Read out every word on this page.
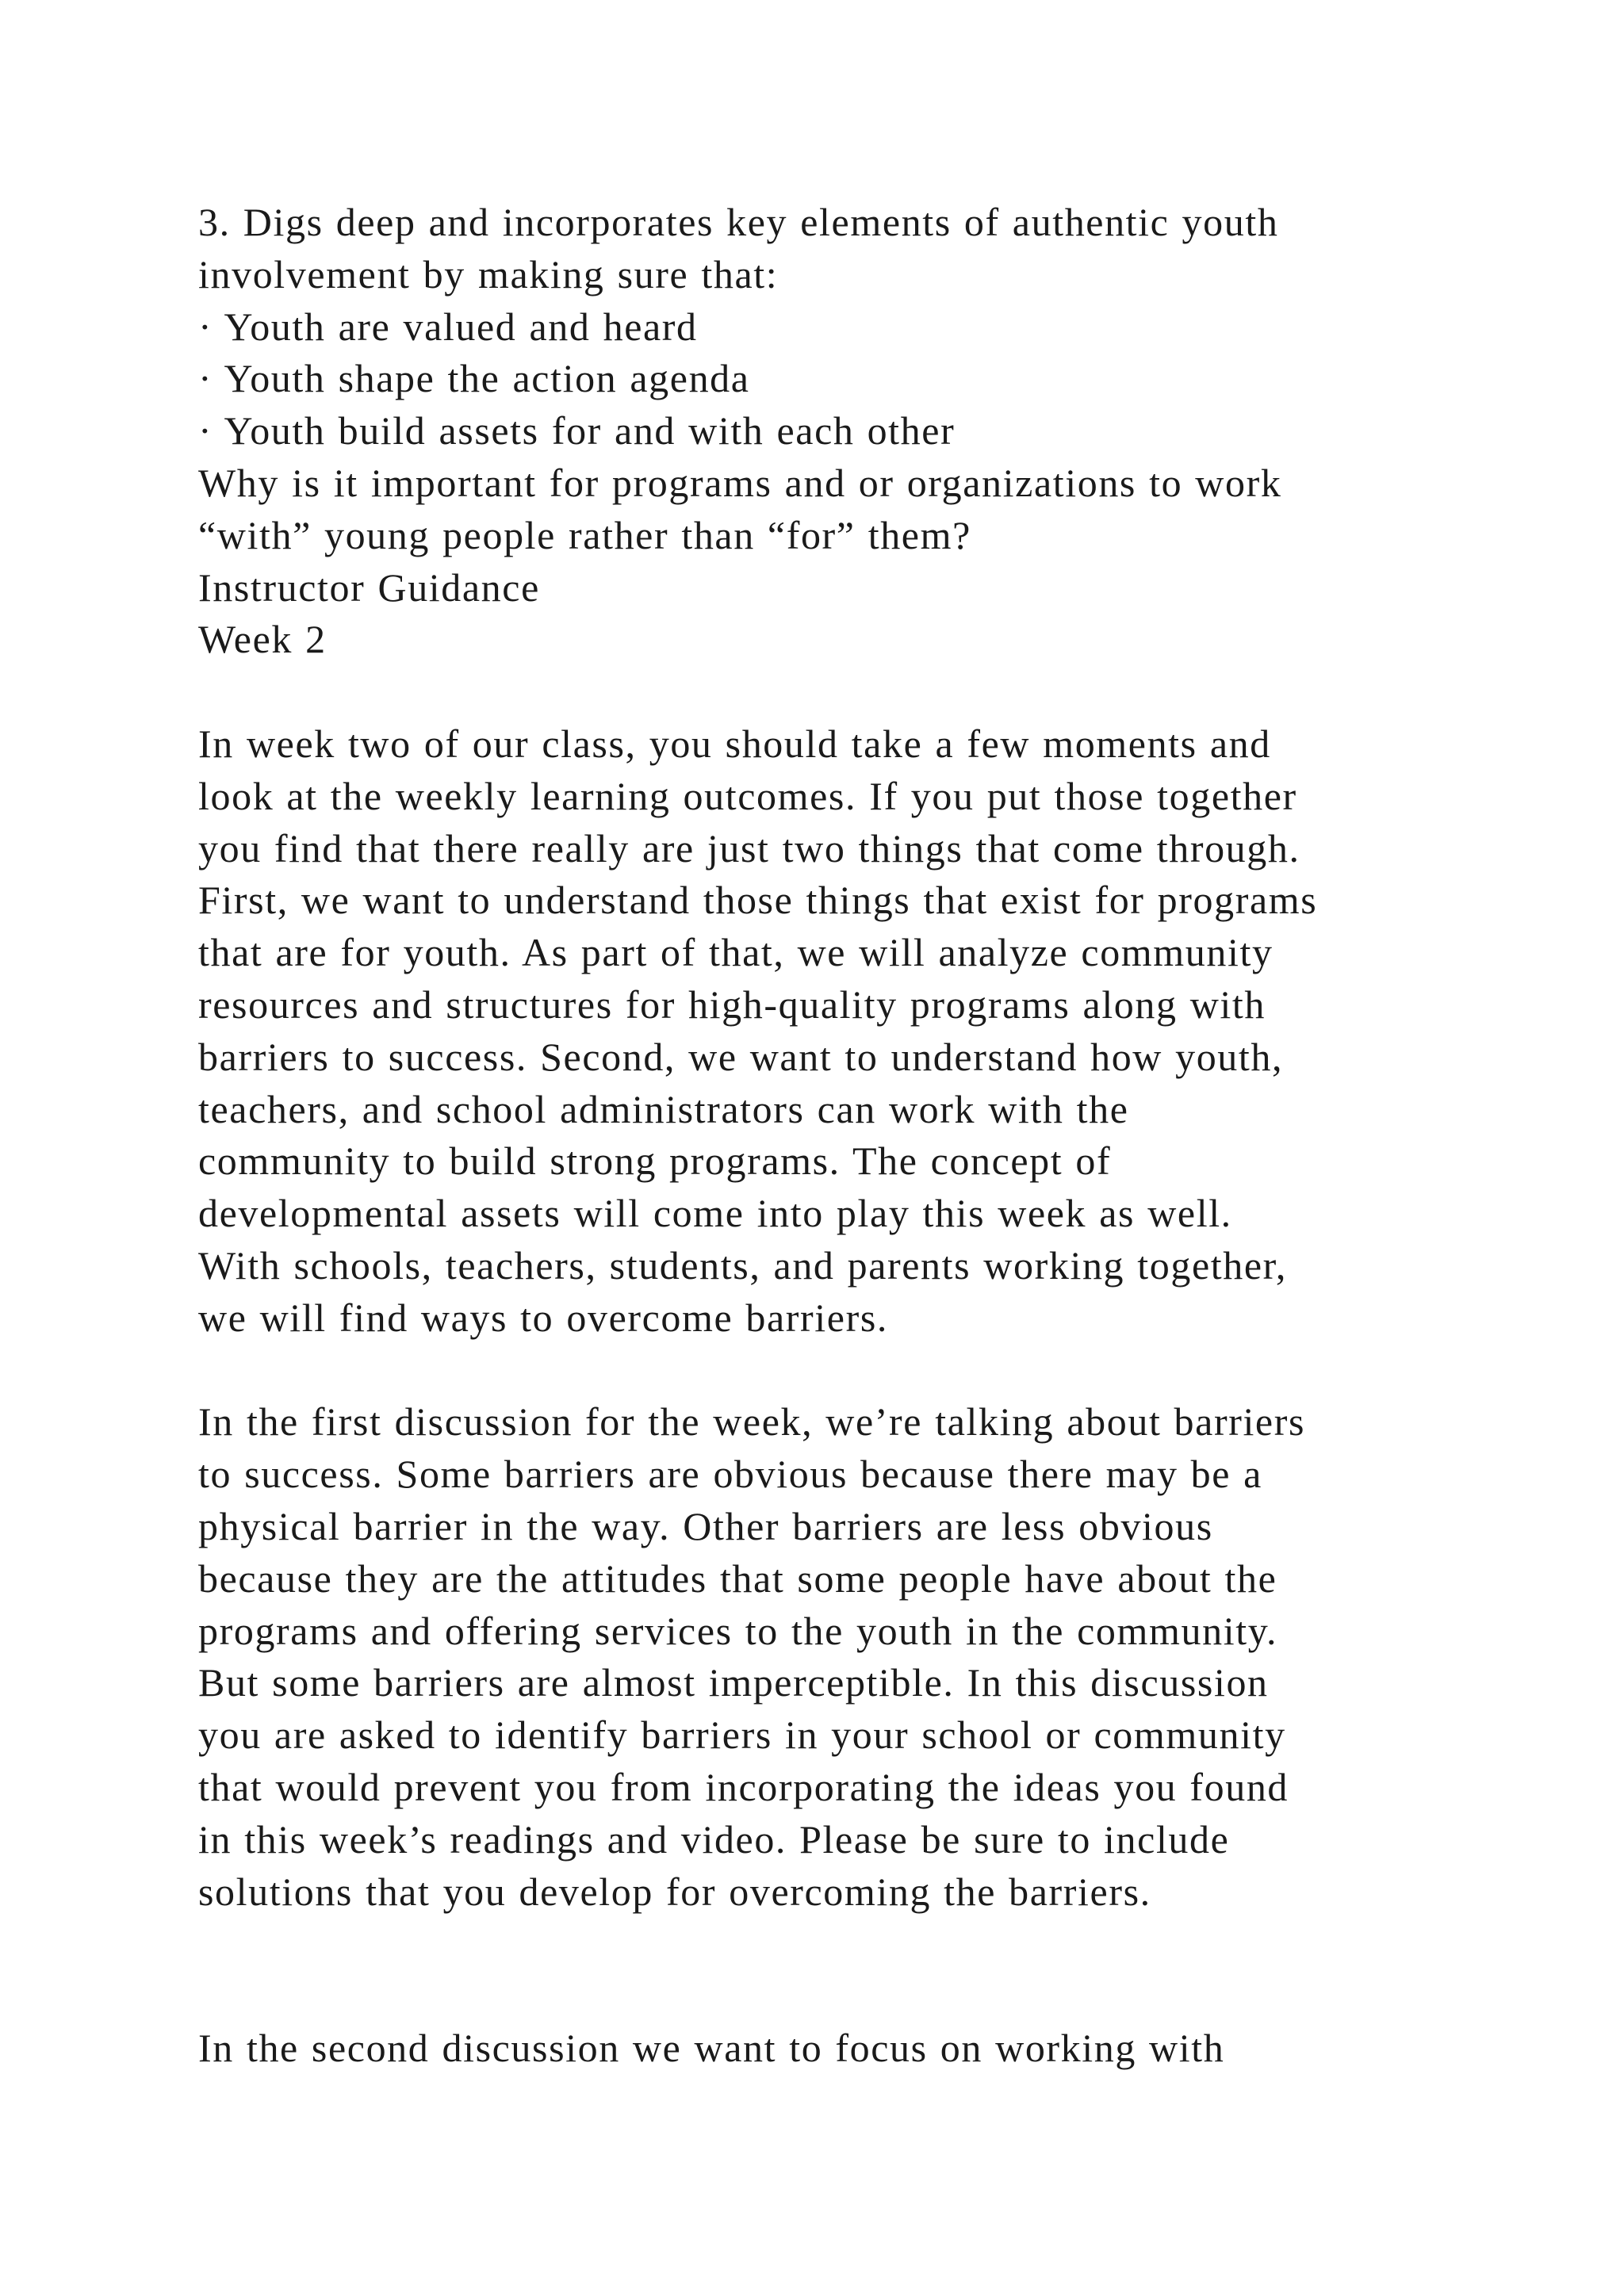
3. Digs deep and incorporates key elements of authentic youth
involvement by making sure that:
· Youth are valued and heard
· Youth shape the action agenda
· Youth build assets for and with each other
Why is it important for programs and or organizations to work
“with” young people rather than “for” them?
Instructor Guidance
Week 2
In week two of our class, you should take a few moments and
look at the weekly learning outcomes. If you put those together
you find that there really are just two things that come through.
First, we want to understand those things that exist for programs
that are for youth. As part of that, we will analyze community
resources and structures for high-quality programs along with
barriers to success. Second, we want to understand how youth,
teachers, and school administrators can work with the
community to build strong programs. The concept of
developmental assets will come into play this week as well.
With schools, teachers, students, and parents working together,
we will find ways to overcome barriers.
In the first discussion for the week, we’re talking about barriers
to success. Some barriers are obvious because there may be a
physical barrier in the way. Other barriers are less obvious
because they are the attitudes that some people have about the
programs and offering services to the youth in the community.
But some barriers are almost imperceptible. In this discussion
you are asked to identify barriers in your school or community
that would prevent you from incorporating the ideas you found
in this week’s readings and video. Please be sure to include
solutions that you develop for overcoming the barriers.
In the second discussion we want to focus on working with
